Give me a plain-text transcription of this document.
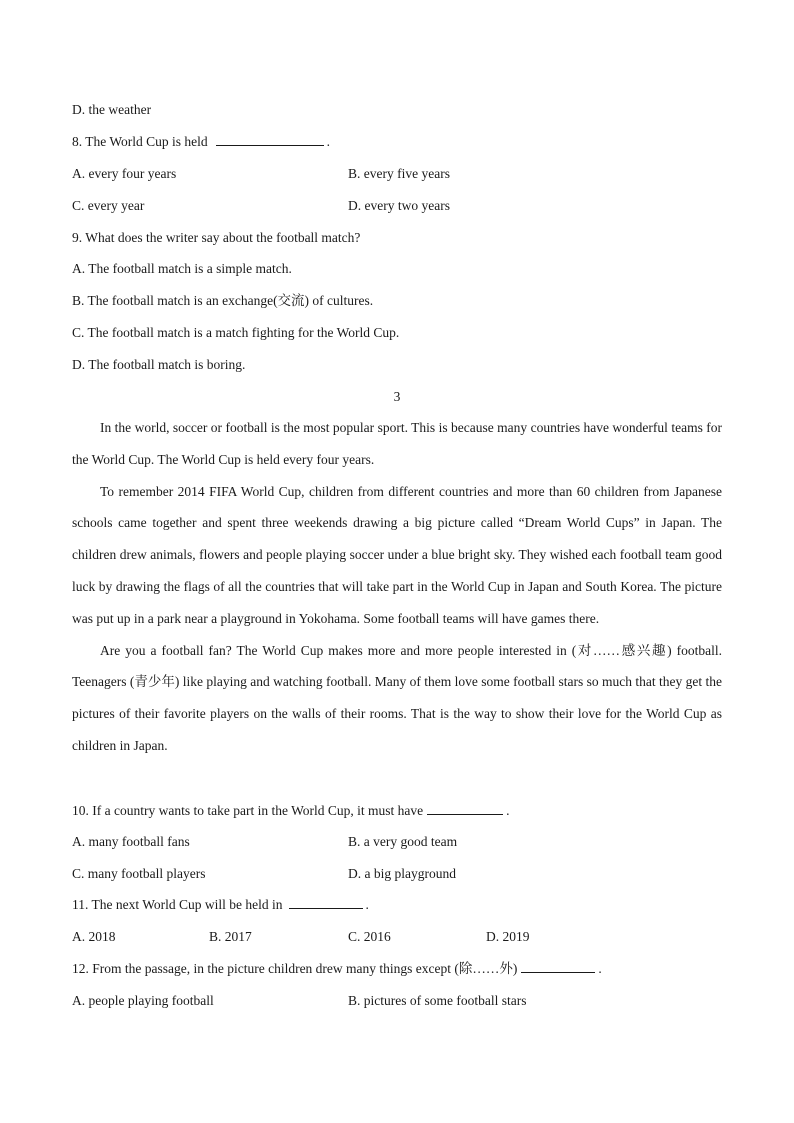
D. the weather
8. The World Cup is held	.
A. every four years	B. every five years
C. every year	D. every two years
9. What does the writer say about the football match?
A. The football match is a simple match.
B. The football match is an exchange(交流) of cultures.
C. The football match is a match fighting for the World Cup.
D. The football match is boring.
3

In the world, soccer or football is the most popular sport. This is because many countries have wonderful teams for the World Cup. The World Cup is held every four years.

To remember 2014 FIFA World Cup, children from different countries and more than 60 children from Japanese schools came together and spent three weekends drawing a big picture called “Dream World Cups” in Japan. The children drew animals, flowers and people playing soccer under a blue bright sky. They wished each football team good luck by drawing the flags of all the countries that will take part in the World Cup in Japan and South Korea. The picture was put up in a park near a playground in Yokohama. Some football teams will have games there.

Are you a football fan? The World Cup makes more and more people interested in (对……感兴趣) football. Teenagers (青少年) like playing and watching football. Many of them love some football stars so much that they get the pictures of their favorite players on the walls of their rooms. That is the way to show their love for the World Cup as children in Japan.

10. If a country wants to take part in the World Cup, it must have	.
A. many football fans	B. a very good team
C. many football players	D. a big playground
11. The next World Cup will be held in	.
A. 2018	B. 2017	C. 2016	D. 2019
12. From the passage, in the picture children drew many things except (除……外)	.
A. people playing football	B. pictures of some football stars
